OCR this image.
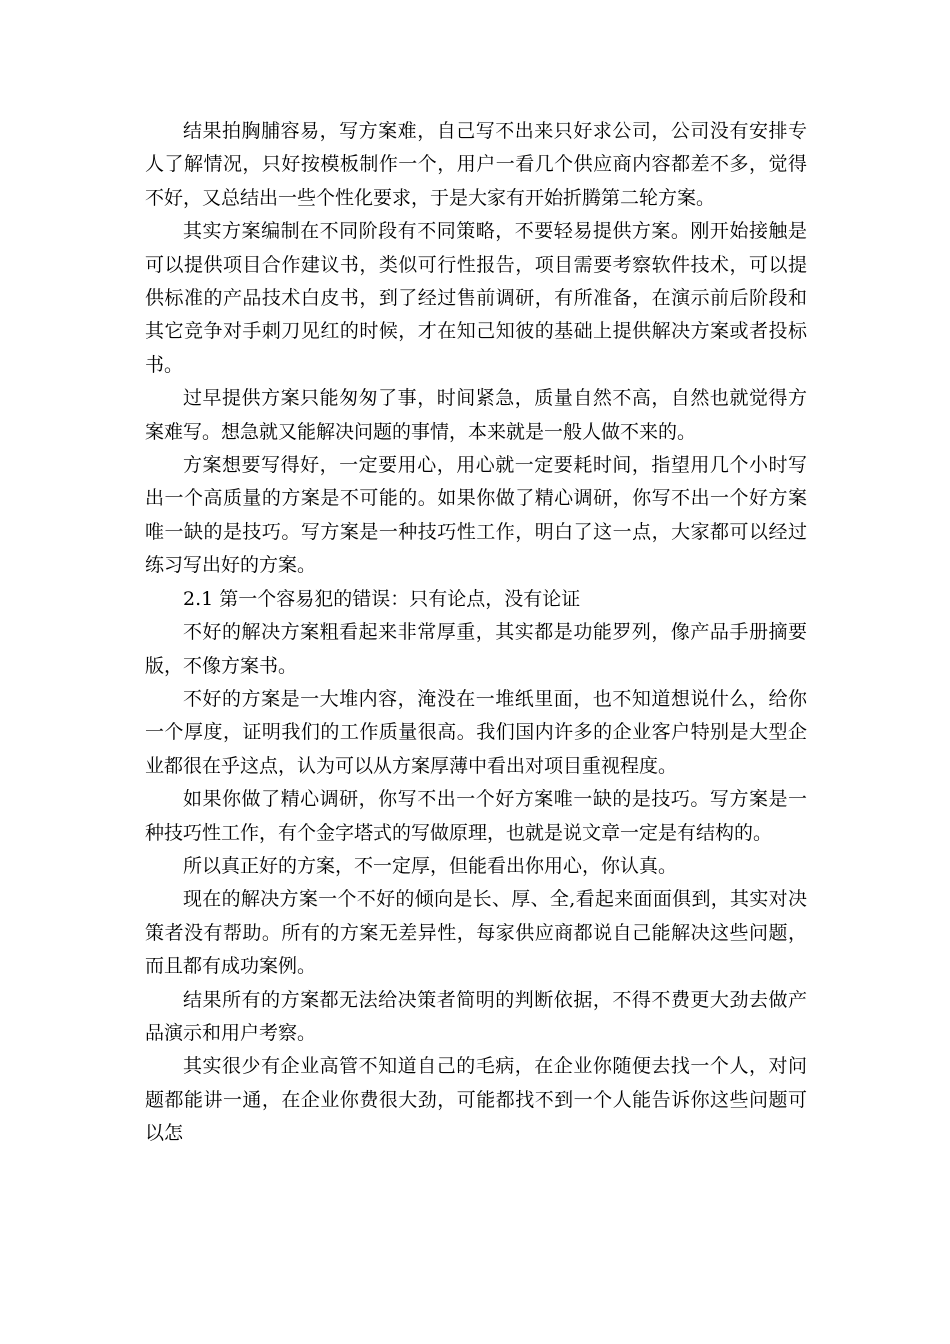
结果拍胸脯容易，写方案难，自己写不出来只好求公司，公司没有安排专人了解情况，只好按模板制作一个，用户一看几个供应商内容都差不多，觉得不好，又总结出一些个性化要求，于是大家有开始折腾第二轮方案。

其实方案编制在不同阶段有不同策略，不要轻易提供方案。刚开始接触是可以提供项目合作建议书，类似可行性报告，项目需要考察软件技术，可以提供标准的产品技术白皮书，到了经过售前调研，有所准备，在演示前后阶段和其它竞争对手刺刀见红的时候，才在知己知彼的基础上提供解决方案或者投标书。

过早提供方案只能匆匆了事，时间紧急，质量自然不高，自然也就觉得方案难写。想急就又能解决问题的事情，本来就是一般人做不来的。

方案想要写得好，一定要用心，用心就一定要耗时间，指望用几个小时写出一个高质量的方案是不可能的。如果你做了精心调研，你写不出一个好方案唯一缺的是技巧。写方案是一种技巧性工作，明白了这一点，大家都可以经过练习写出好的方案。

2.1 第一个容易犯的错误：只有论点，没有论证

不好的解决方案粗看起来非常厚重，其实都是功能罗列，像产品手册摘要版，不像方案书。

不好的方案是一大堆内容，淹没在一堆纸里面，也不知道想说什么，给你一个厚度，证明我们的工作质量很高。我们国内许多的企业客户特别是大型企业都很在乎这点，认为可以从方案厚薄中看出对项目重视程度。

如果你做了精心调研，你写不出一个好方案唯一缺的是技巧。写方案是一种技巧性工作，有个金字塔式的写做原理，也就是说文章一定是有结构的。

所以真正好的方案，不一定厚，但能看出你用心，你认真。

现在的解决方案一个不好的倾向是长、厚、全,看起来面面俱到，其实对决策者没有帮助。所有的方案无差异性，每家供应商都说自己能解决这些问题，而且都有成功案例。

结果所有的方案都无法给决策者简明的判断依据，不得不费更大劲去做产品演示和用户考察。

其实很少有企业高管不知道自己的毛病，在企业你随便去找一个人，对问题都能讲一通，在企业你费很大劲，可能都找不到一个人能告诉你这些问题可以怎
